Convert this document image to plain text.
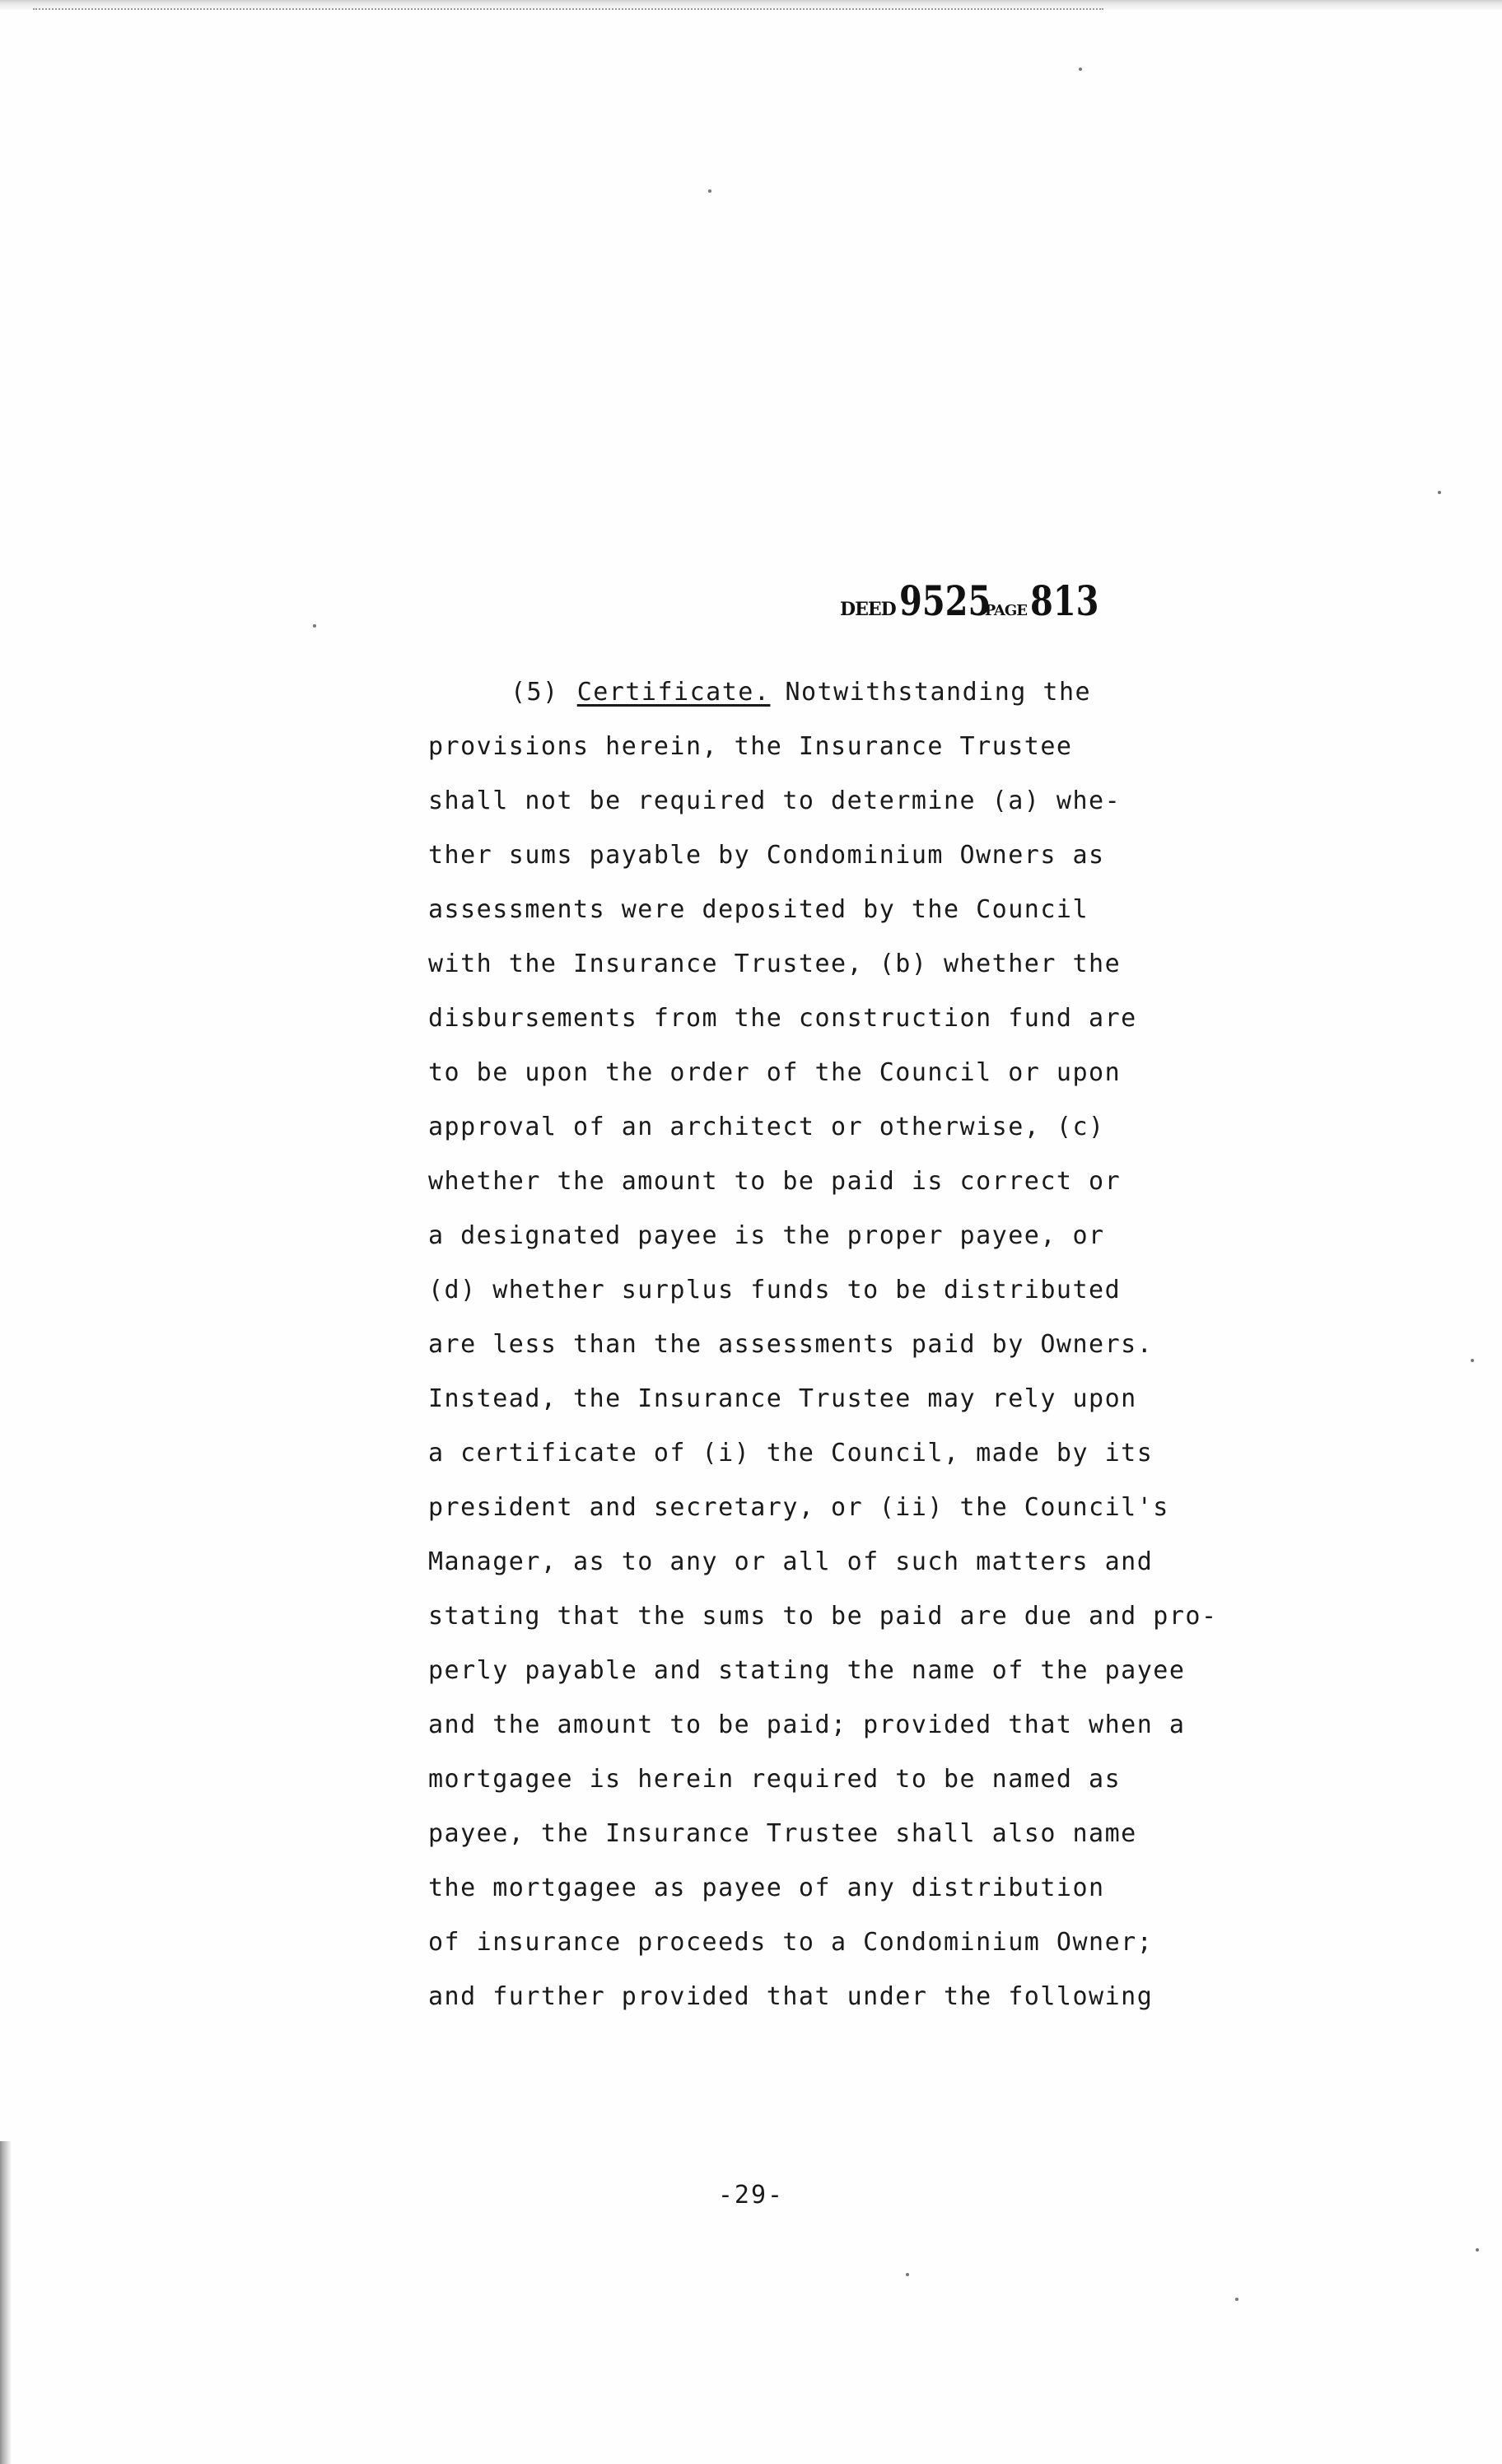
DEED 9525
PAGE 813
(5) Certificate. Notwithstanding the
provisions herein, the Insurance Trustee
shall not be required to determine (a) whe-
ther sums payable by Condominium Owners as
assessments were deposited by the Council
with the Insurance Trustee, (b) whether the
disbursements from the construction fund are
to be upon the order of the Council or upon
approval of an architect or otherwise, (c)
whether the amount to be paid is correct or
a designated payee is the proper payee, or
(d) whether surplus funds to be distributed
are less than the assessments paid by Owners.
Instead, the Insurance Trustee may rely upon
a certificate of (i) the Council, made by its
president and secretary, or (ii) the Council's
Manager, as to any or all of such matters and
stating that the sums to be paid are due and pro-
perly payable and stating the name of the payee
and the amount to be paid; provided that when a
mortgagee is herein required to be named as
payee, the Insurance Trustee shall also name
the mortgagee as payee of any distribution
of insurance proceeds to a Condominium Owner;
and further provided that under the following
-29-
